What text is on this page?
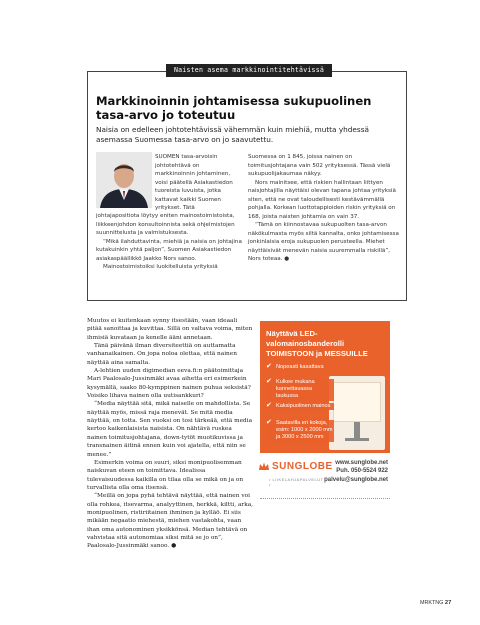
Naisten asema markkinointitehtävissä
Markkinoinnin johtamisessa sukupuolinen tasa-arvo jo toteutuu

Naisia on edelleen johtotehtävissä vähemmän kuin miehiä, mutta yhdessä asemassa Suomessa tasa-arvo on jo saavutettu.

SUOMEN tasa-arvoisin johtotehtävä on markkinoinnin johtaminen, voisi päätellä Asiakastiedon tuoreista luvuista, jotka kattavat kaikki Suomen yritykset. Tätä

johtajapositiota löytyy eniten mainostoimistoista, liikkeenjohdon konsultoinnista sekä ohjelmistojen suunnittelusta ja valmistuksesta.

“Mikä ilahduttavinta, miehiä ja naisia on johtajina kutakuinkin yhtä paljon”, Suomen Asiakastiedon asiakaspäällikkö Jaakko Nors sanoo.

Mainostoimistoiksi luokitelluista yrityksiä

Suomessa on 1 845, joissa nainen on toimitusjohtajana vain 502 yrityksessä. Tässä vielä sukupuolijakaumaa näkyy.

Nors mainitsee, että riskien hallintaan liittyen naisjohtajilla näyttäisi olevan tapana johtaa yrityksiä siten, että ne ovat taloudellisesti kestävämmällä pohjalla. Korkean luottotappioiden riskin yrityksiä on 168, joista naisten johtamia on vain 37.

“Tämä on kiinnostavaa sukupuolten tasa-arvon näkökulmasta myös siltä kannalta, onko johtamisessa jonkinlaisia eroja sukupuolen perusteella. Miehet näyttäisivät menevän naisia suuremmalla riskillä”, Nors toteaa. ●

Muutos ei kuitenkaan synny itsestään, vaan ideaali pitää sanoittaa ja kuvittaa. Sillä on valtava voima, miten ihmisiä kuvataan ja kenelle ääni annetaan.

Tänä päivänä ilman diversiteettiä on auttamatta vanhanaikainen. On jopa noloa olettaa, että nainen näyttää aina samalta.

A-lehtien uuden digimedian eeva.fi:n päätoimittaja Mari Paalosalo-Jussinmäki avaa aihetta eri esimerkein kysymällä, saako 80-kymppinen nainen puhua seksistä? Voisiko lihava nainen olla uutisankkuri?

“Media näyttää sitä, mikä naiselle on mahdollista. Se näyttää myös, missä raja menevät. Se mitä media näyttää, on totta. Sen vuoksi on tosi tärkeää, että media kertoo kaikenlaisista naisista. On nähtävä ruskea nainen toimitusjohtajana, down-tytöt muotikuvissa ja transnainen äitinä ennen kuin voi ajatella, että niin se menee.”

Esimerkin voima on suuri, siksi monipuolisemman naiskuvan eteen on toimittava. Idealissa tulevaisuudessa kaikilla on tilaa olla se mikä on ja on turvallista olla oma itsensä.

“Meillä on jopa pyhä tehtävä näyttää, että nainen voi olla rohkea, itsevarma, analyyttinen, herkkä, kiltti, arka, monipuolinen, ristiriitainen ihminen ja kylläö. Ei siis mikään negaatio miehestä, miehen vastakohta, vaan ihan oma autonominen yksikkönsä. Median tehtävä on vahvistaa sitä autonomiaa siksi mitä se jo on”, Paalosalo-Jussinmäki sanoo. ●

Näyttävä LED-valomainosbanderolli TOIMISTOON ja MESSUILLE
✔ Nopeasti kasattava
✔ Kulkee mukana kannettavassa laukussa
✔ Kaksipuolinen mainos
✔ Saatavilla eri kokoja, esim: 1000 x 2000 mm ja 3000 x 2500 mm
SUNGLOBE
• LIIKELAHJAPALVELUT •
www.sunglobe.net
Puh. 050-5524 922
palvelu@sunglobe.net
MRKTNG 27
